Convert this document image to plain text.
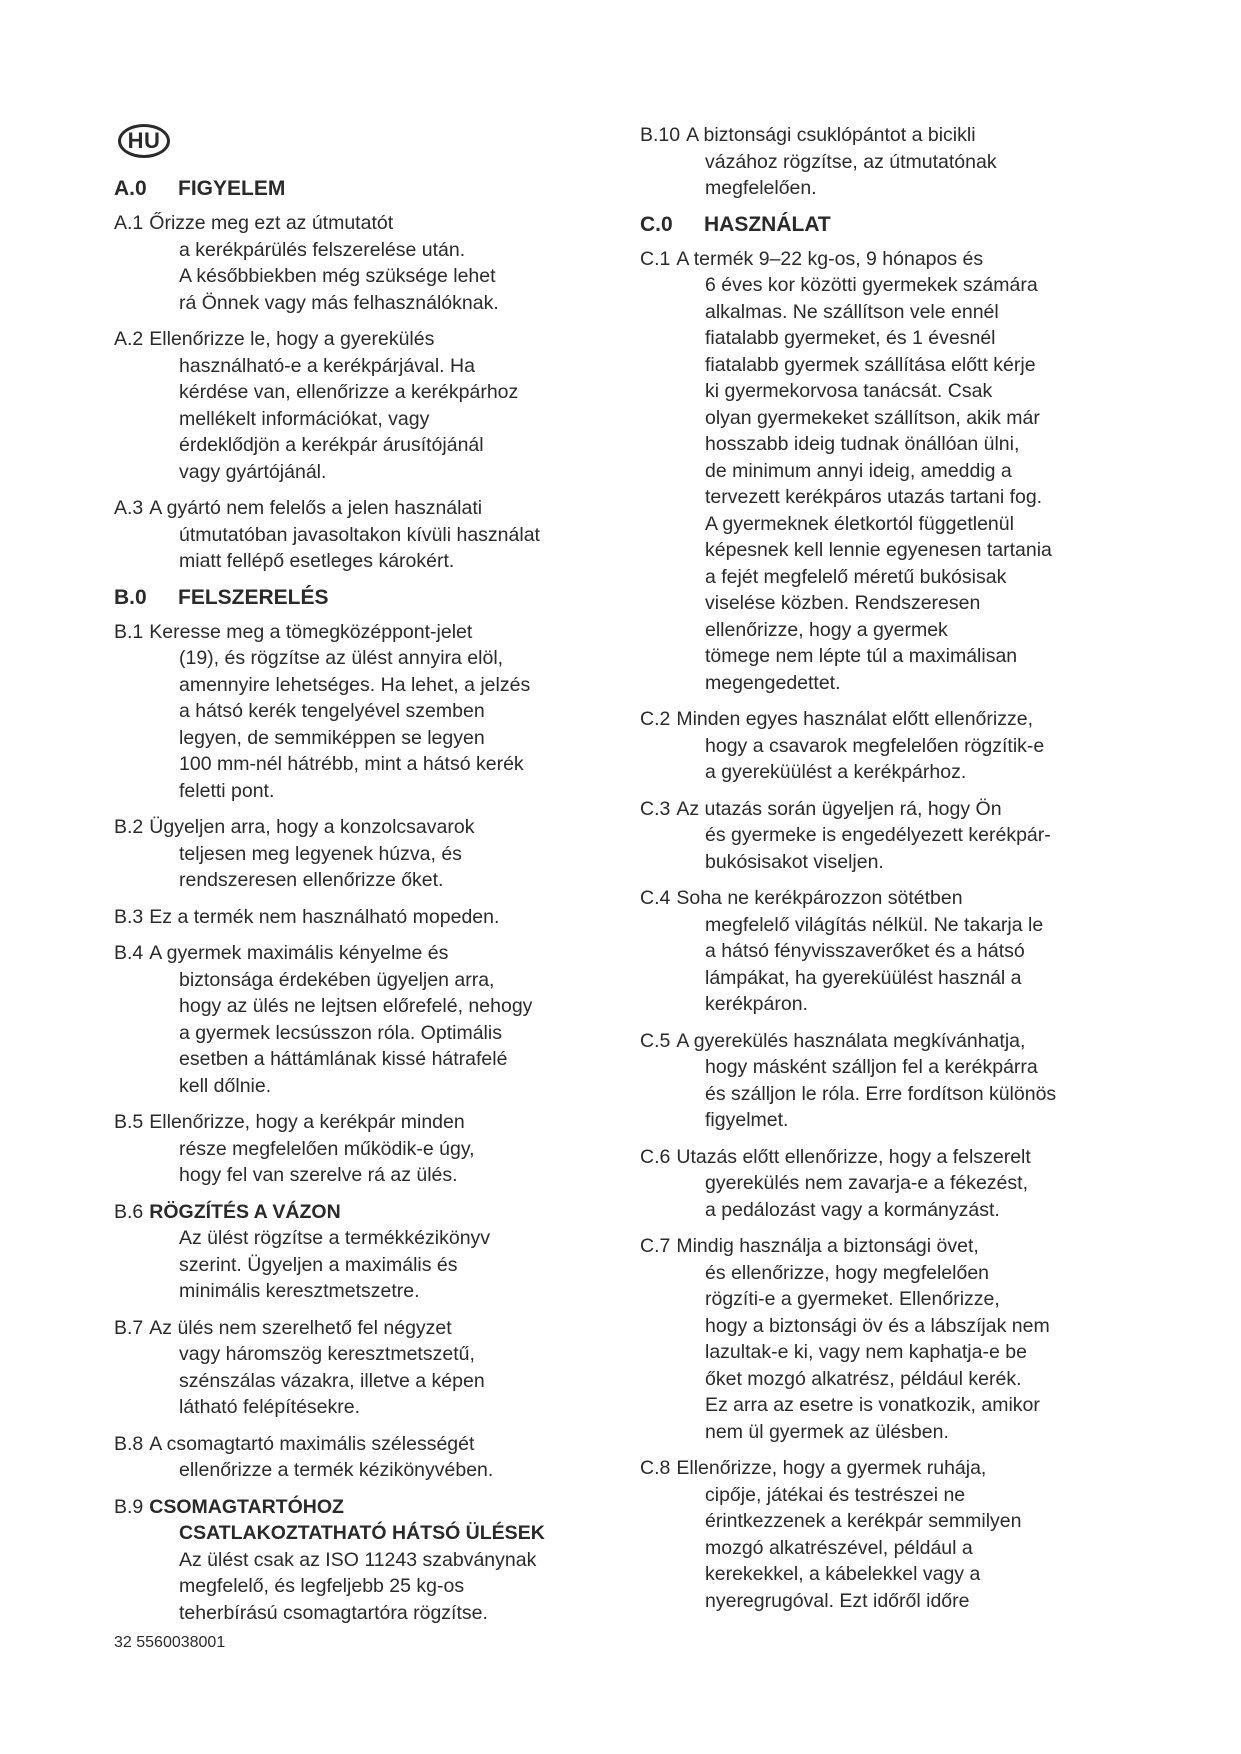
HU
A.0	FIGYELEM
A.1 Őrizze meg ezt az útmutatót
a kerékpárülés felszerelése után.
A későbbiekben még szüksége lehet
rá Önnek vagy más felhasználóknak.
A.2 Ellenőrizze le, hogy a gyerekülés
használható-e a kerékpárjával. Ha
kérdése van, ellenőrizze a kerékpárhoz
mellékelt információkat, vagy
érdeklődjön a kerékpár árusítójánál
vagy gyártójánál.
A.3 A gyártó nem felelős a jelen használati
útmutatóban javasoltakon kívüli használat
miatt fellépő esetleges károkért.
B.0	FELSZERELÉS
B.1 Keresse meg a tömegközéppont-jelet
(19), és rögzítse az ülést annyira elöl,
amennyire lehetséges. Ha lehet, a jelzés
a hátsó kerék tengelyével szemben
legyen, de semmiképpen se legyen
100 mm-nél hátrébb, mint a hátsó kerék
feletti pont.
B.2 Ügyeljen arra, hogy a konzolcsavarok
teljesen meg legyenek húzva, és
rendszeresen ellenőrizze őket.
B.3 Ez a termék nem használható mopeden.
B.4 A gyermek maximális kényelme és
biztonsága érdekében ügyeljen arra,
hogy az ülés ne lejtsen előrefelé, nehogy
a gyermek lecsússzon róla. Optimális
esetben a háttámlának kissé hátrafelé
kell dőlnie.
B.5 Ellenőrizze, hogy a kerékpár minden
része megfelelően működik-e úgy,
hogy fel van szerelve rá az ülés.
B.6 RÖGZÍTÉS A VÁZON
Az ülést rögzítse a termékkézikönyv
szerint. Ügyeljen a maximális és
minimális keresztmetszetre.
B.7 Az ülés nem szerelhető fel négyzet
vagy háromszög keresztmetszetű,
szénszálas vázakra, illetve a képen
látható felépítésekre.
B.8 A csomagtartó maximális szélességét
ellenőrizze a termék kézikönyvében.
B.9 CSOMAGTARTÓHOZ
CSATLAKOZTATHATÓ HÁTSÓ ÜLÉSEK
Az ülést csak az ISO 11243 szabványnak
megfelelő, és legfeljebb 25 kg-os
teherbírású csomagtartóra rögzítse.
B.10 A biztonsági csuklópántot a bicikli
vázához rögzítse, az útmutatónak
megfelelően.
C.0	HASZNÁLAT
C.1 A termék 9–22 kg-os, 9 hónapos és
6 éves kor közötti gyermekek számára
alkalmas. Ne szállítson vele ennél
fiatalabb gyermeket, és 1 évesnél
fiatalabb gyermek szállítása előtt kérje
ki gyermekorvosa tanácsát. Csak
olyan gyermekeket szállítson, akik már
hosszabb ideig tudnak önállóan ülni,
de minimum annyi ideig, ameddig a
tervezett kerékpáros utazás tartani fog.
A gyermeknek életkortól függetlenül
képesnek kell lennie egyenesen tartania
a fejét megfelelő méretű bukósisak
viselése közben. Rendszeresen
ellenőrizze, hogy a gyermek
tömege nem lépte túl a maximálisan
megengedettet.
C.2 Minden egyes használat előtt ellenőrizze,
hogy a csavarok megfelelően rögzítik-e
a gyereküülést a kerékpárhoz.
C.3 Az utazás során ügyeljen rá, hogy Ön
és gyermeke is engedélyezett kerékpár-
bukósisakot viseljen.
C.4 Soha ne kerékpározzon sötétben
megfelelő világítás nélkül. Ne takarja le
a hátsó fényvisszaverőket és a hátsó
lámpákat, ha gyereküülést használ a
kerékpáron.
C.5 A gyerekülés használata megkívánhatja,
hogy másként szálljon fel a kerékpárra
és szálljon le róla. Erre fordítson különös
figyelmet.
C.6 Utazás előtt ellenőrizze, hogy a felszerelt
gyerekülés nem zavarja-e a fékezést,
a pedálozást vagy a kormányzást.
C.7 Mindig használja a biztonsági övet,
és ellenőrizze, hogy megfelelően
rögzíti-e a gyermeket. Ellenőrizze,
hogy a biztonsági öv és a lábszíjak nem
lazultak-e ki, vagy nem kaphatja-e be
őket mozgó alkatrész, például kerék.
Ez arra az esetre is vonatkozik, amikor
nem ül gyermek az ülésben.
C.8 Ellenőrizze, hogy a gyermek ruhája,
cipője, játékai és testrészei ne
érintkezzenek a kerékpár semmilyen
mozgó alkatrészével, például a
kerekekkel, a kábelekkel vagy a
nyeregrugóval. Ezt időről időre
32 5560038001
